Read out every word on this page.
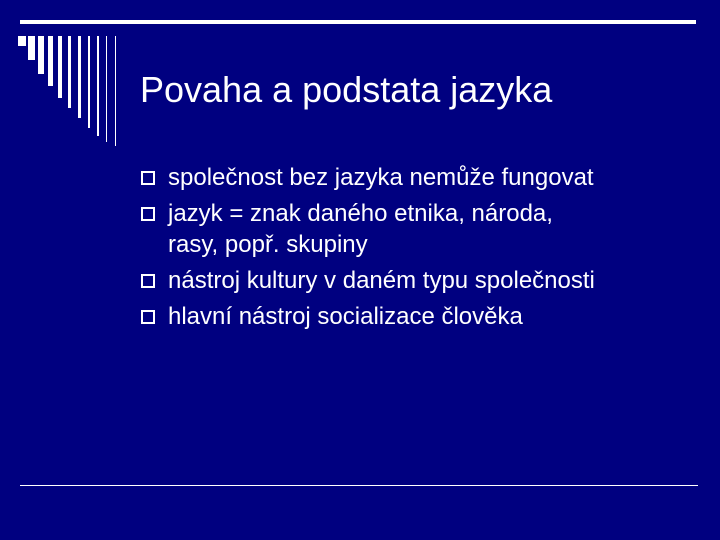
Povaha a podstata jazyka
společnost bez jazyka nemůže fungovat
jazyk = znak daného etnika, národa,
rasy, popř. skupiny
nástroj kultury v daném typu společnosti
hlavní nástroj socializace člověka
